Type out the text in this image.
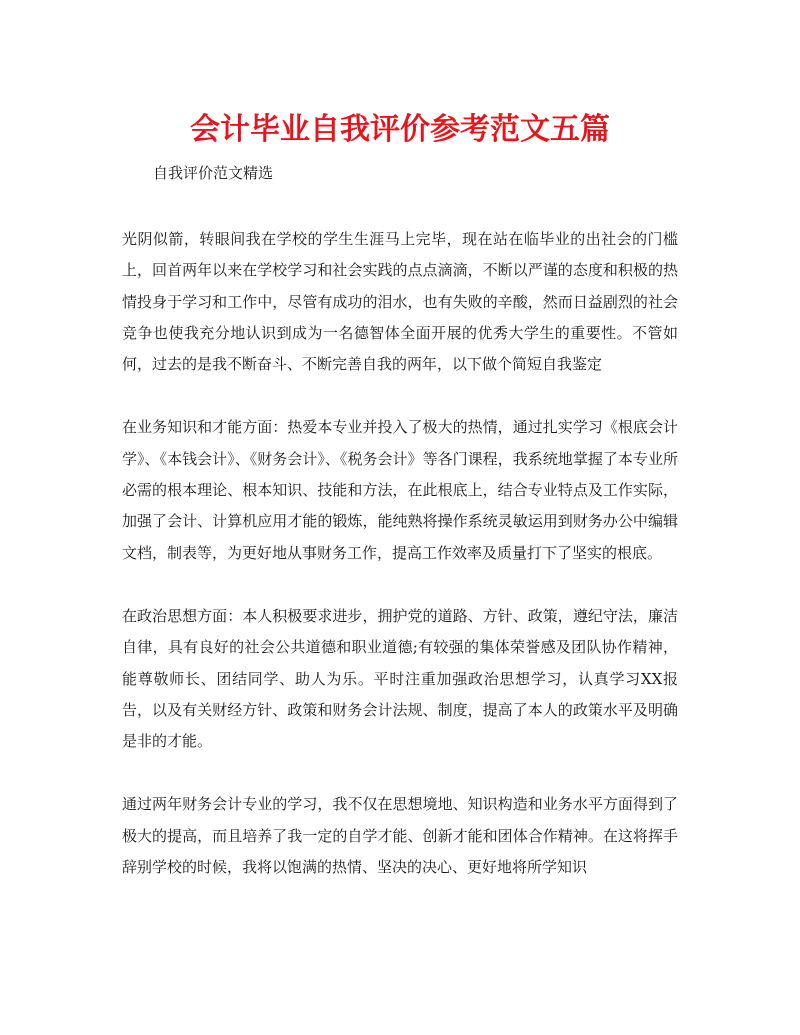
会计毕业自我评价参考范文五篇

自我评价范文精选

光阴似箭，转眼间我在学校的学生生涯马上完毕，现在站在临毕业的出社会的门槛上，回首两年以来在学校学习和社会实践的点点滴滴，不断以严谨的态度和积极的热情投身于学习和工作中，尽管有成功的泪水，也有失败的辛酸，然而日益剧烈的社会竞争也使我充分地认识到成为一名德智体全面开展的优秀大学生的重要性。不管如何，过去的是我不断奋斗、不断完善自我的两年，以下做个简短自我鉴定

在业务知识和才能方面：热爱本专业并投入了极大的热情，通过扎实学习《根底会计学》、《本钱会计》、《财务会计》、《税务会计》等各门课程，我系统地掌握了本专业所必需的根本理论、根本知识、技能和方法，在此根底上，结合专业特点及工作实际，加强了会计、计算机应用才能的锻炼，能纯熟将操作系统灵敏运用到财务办公中编辑文档，制表等，为更好地从事财务工作，提高工作效率及质量打下了坚实的根底。

在政治思想方面：本人积极要求进步，拥护党的道路、方针、政策，遵纪守法，廉洁自律，具有良好的社会公共道德和职业道德;有较强的集体荣誉感及团队协作精神，能尊敬师长、团结同学、助人为乐。平时注重加强政治思想学习，认真学习XX报告，以及有关财经方针、政策和财务会计法规、制度，提高了本人的政策水平及明确是非的才能。

通过两年财务会计专业的学习，我不仅在思想境地、知识构造和业务水平方面得到了极大的提高，而且培养了我一定的自学才能、创新才能和团体合作精神。在这将挥手辞别学校的时候，我将以饱满的热情、坚决的决心、更好地将所学知识
